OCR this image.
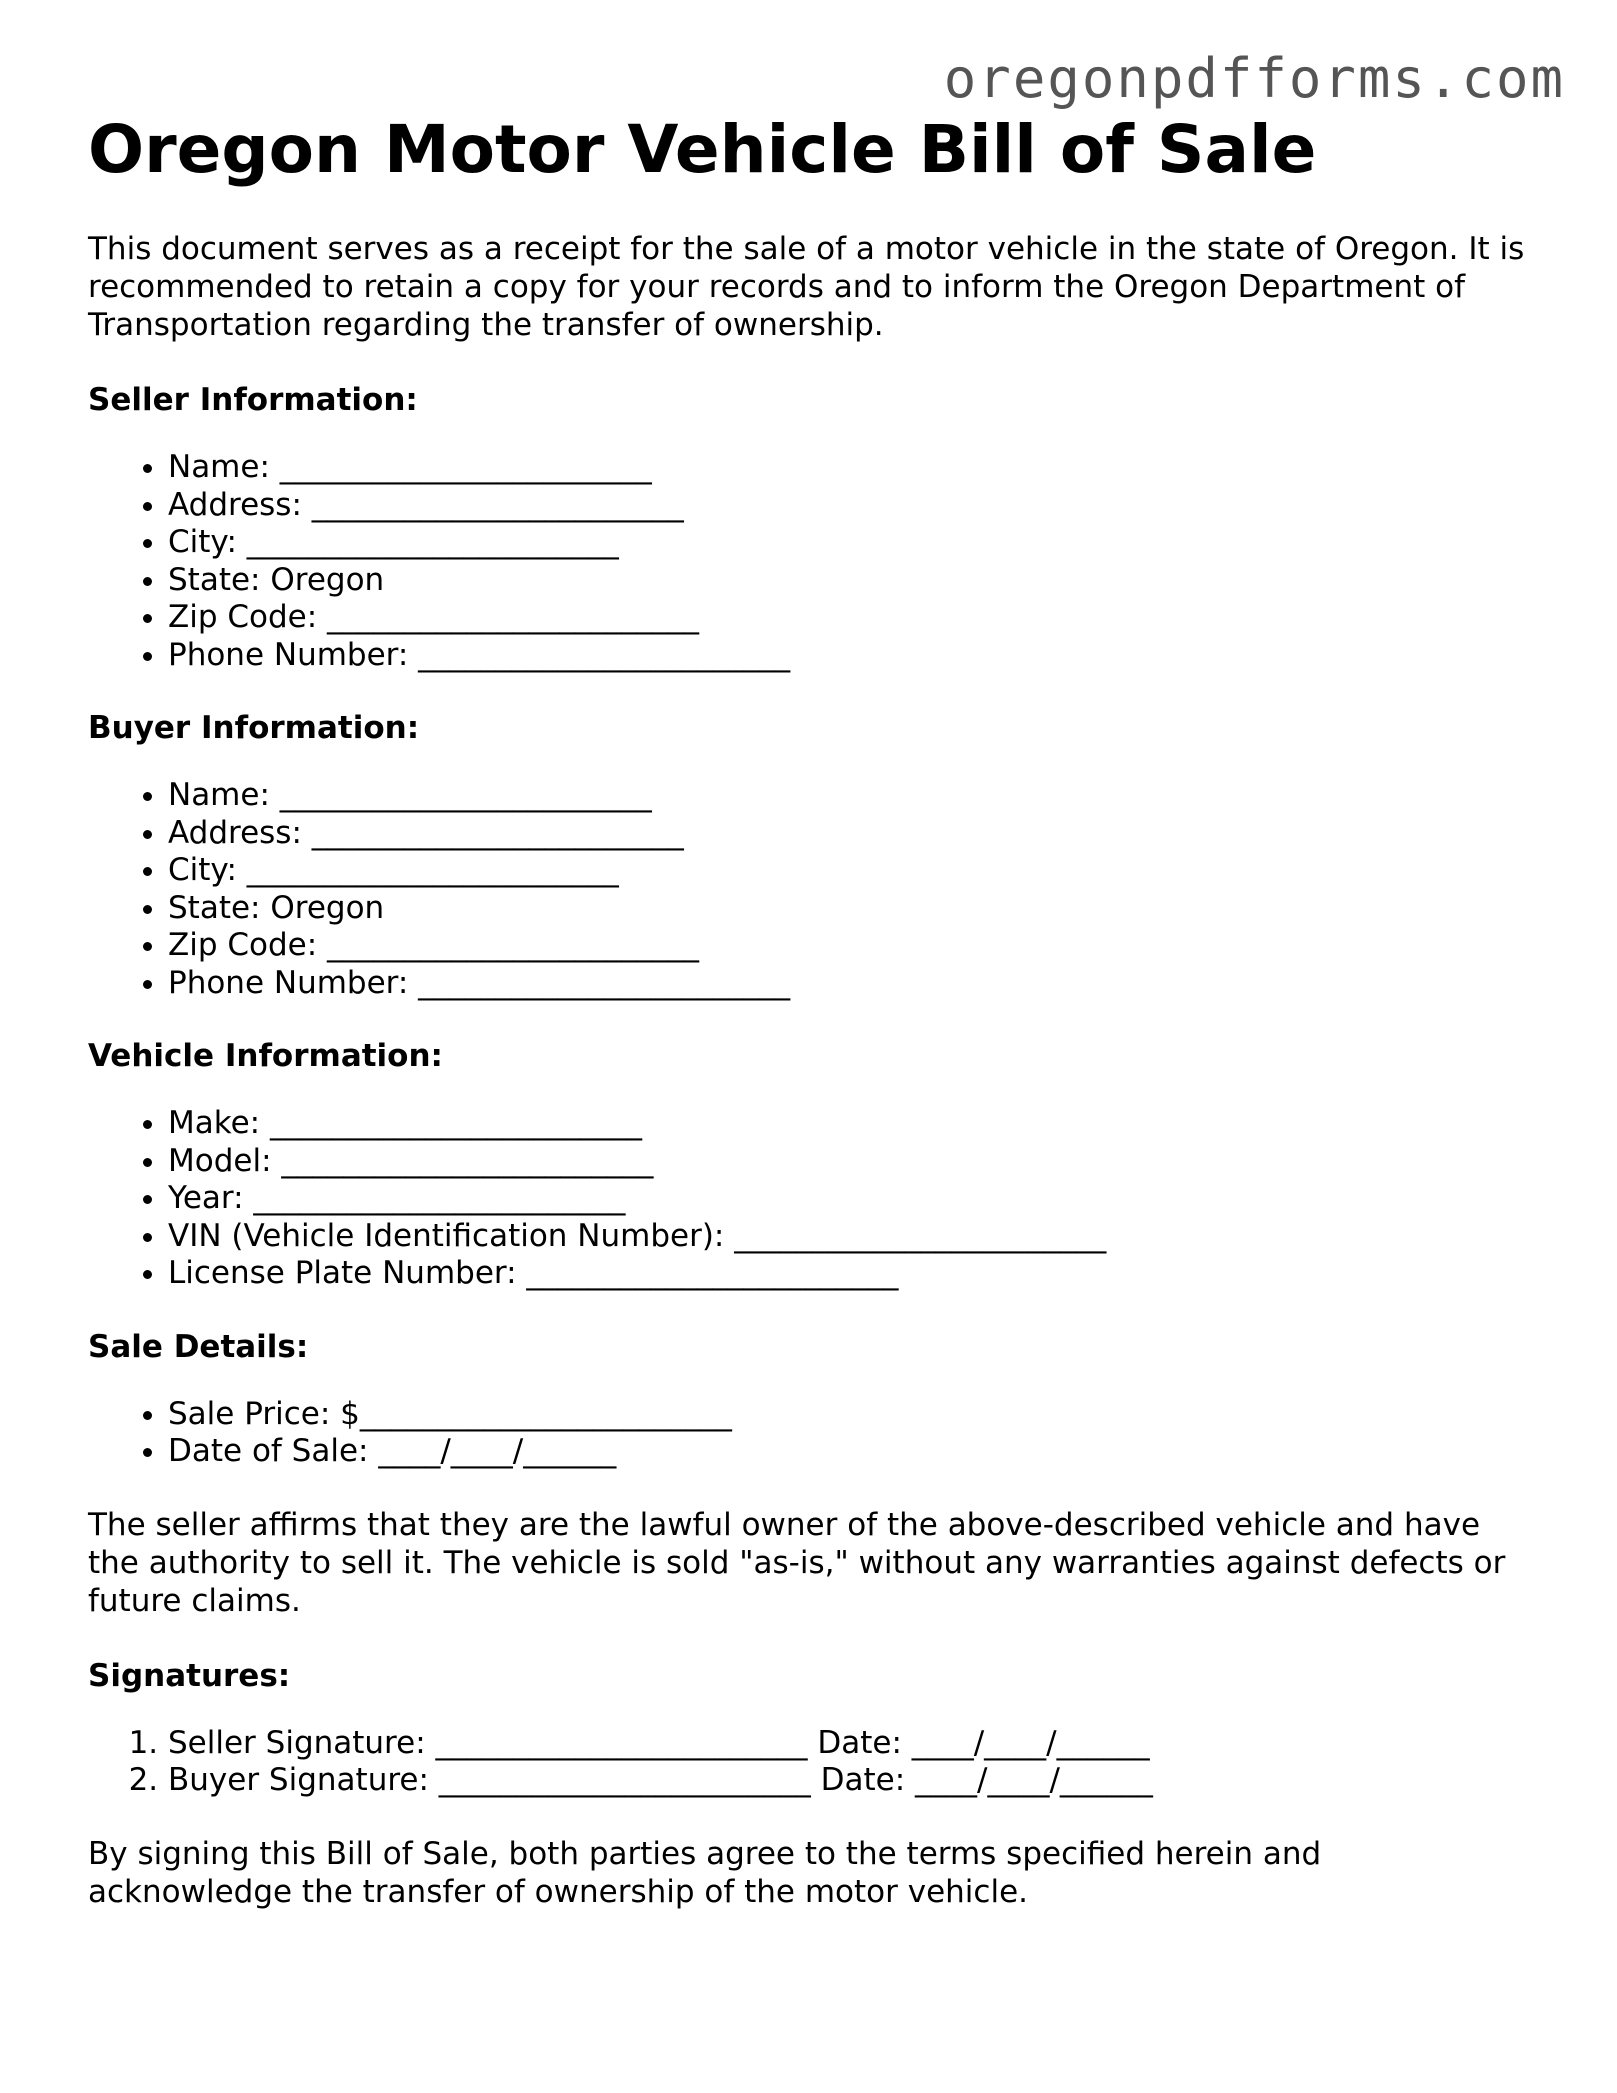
oregonpdfforms.com
Oregon Motor Vehicle Bill of Sale

This document serves as a receipt for the sale of a motor vehicle in the state of Oregon. It is recommended to retain a copy for your records and to inform the Oregon Department of Transportation regarding the transfer of ownership.

Seller Information:
• Name: ________________________
• Address: ________________________
• City: ________________________
• State: Oregon
• Zip Code: ________________________
• Phone Number: ________________________
Buyer Information:
• Name: ________________________
• Address: ________________________
• City: ________________________
• State: Oregon
• Zip Code: ________________________
• Phone Number: ________________________
Vehicle Information:
• Make: ________________________
• Model: ________________________
• Year: ________________________
• VIN (Vehicle Identification Number): ________________________
• License Plate Number: ________________________
Sale Details:
• Sale Price: $________________________
• Date of Sale: ____/____/______

The seller affirms that they are the lawful owner of the above-described vehicle and have the authority to sell it. The vehicle is sold "as-is," without any warranties against defects or future claims.

Signatures:
1. Seller Signature: ________________________ Date: ____/____/______
2. Buyer Signature: ________________________ Date: ____/____/______

By signing this Bill of Sale, both parties agree to the terms specified herein and acknowledge the transfer of ownership of the motor vehicle.
